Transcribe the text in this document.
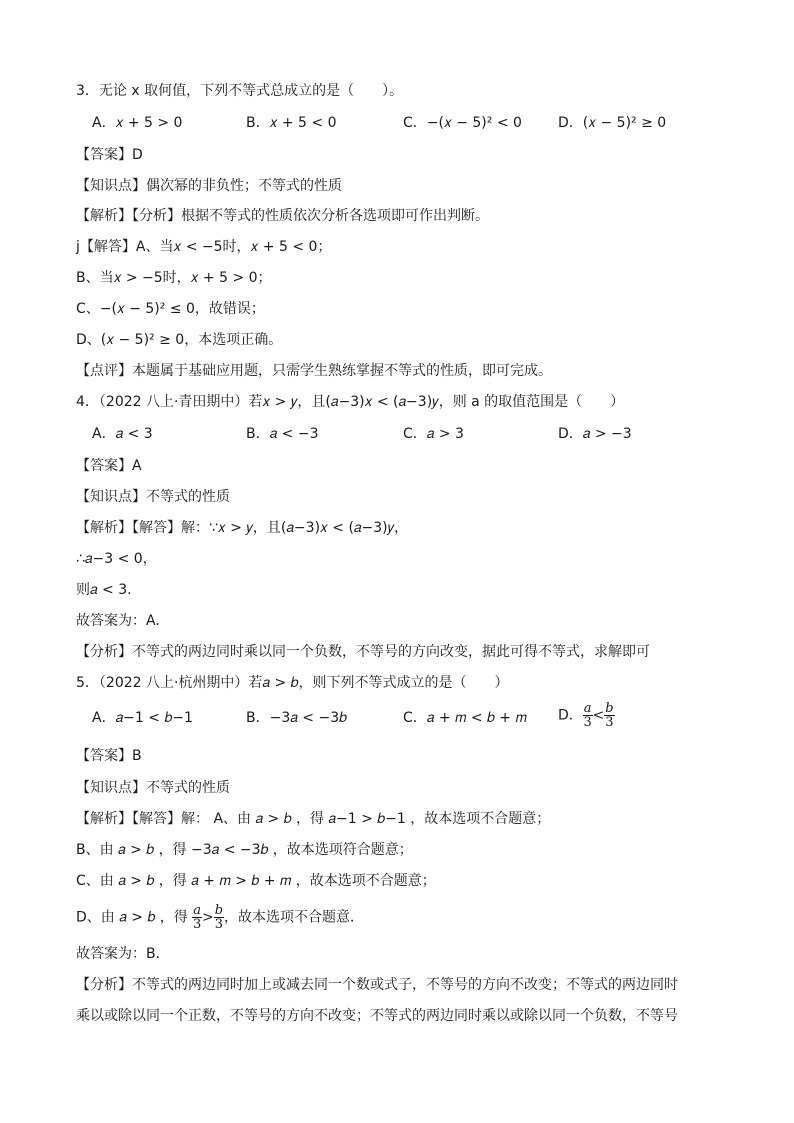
3．无论 x 取何值，下列不等式总成立的是（　　）。
A．𝑥 + 5 > 0	B．𝑥 + 5 < 0	C．−(𝑥 − 5)² < 0	D．(𝑥 − 5)² ≥ 0
【答案】D
【知识点】偶次幂的非负性；不等式的性质
【解析】【分析】根据不等式的性质依次分析各选项即可作出判断。
j【解答】A、当𝑥 < −5时，𝑥 + 5 < 0；
B、当𝑥 > −5时，𝑥 + 5 > 0；
C、−(𝑥 − 5)² ≤ 0，故错误；
D、(𝑥 − 5)² ≥ 0，本选项正确。
【点评】本题属于基础应用题，只需学生熟练掌握不等式的性质，即可完成。
4．（2022 八上·青田期中）若𝑥 > 𝑦，且(𝑎−3)𝑥 < (𝑎−3)𝑦，则 a 的取值范围是（　　）
A．𝑎 < 3	B．𝑎 < −3	C．𝑎 > 3	D．𝑎 > −3
【答案】A
【知识点】不等式的性质
【解析】【解答】解：∵𝑥 > 𝑦，且(𝑎−3)𝑥 < (𝑎−3)𝑦，
∴𝑎−3 < 0，
则𝑎 < 3.
故答案为：A.
【分析】不等式的两边同时乘以同一个负数，不等号的方向改变，据此可得不等式，求解即可
5．（2022 八上·杭州期中）若𝑎 > 𝑏，则下列不等式成立的是（　　）
A．𝑎−1 < 𝑏−1	B．−3𝑎 < −3𝑏	C．𝑎 + 𝑚 < 𝑏 + 𝑚 D． $\frac{a}{3} < \frac{b}{3}$
【答案】B
【知识点】不等式的性质
【解析】【解答】解： A、由 𝑎 > 𝑏 ，得 𝑎−1 > 𝑏−1 ，故本选项不合题意；
B、由 𝑎 > 𝑏 ，得 −3𝑎 < −3𝑏 ，故本选项符合题意；
C、由 𝑎 > 𝑏 ，得 𝑎 + 𝑚 > 𝑏 + 𝑚 ，故本选项不合题意；
D、由 𝑎 > 𝑏 ，得 $\frac{a}{3} > \frac{b}{3}$ ，故本选项不合题意．
故答案为：B．
【分析】不等式的两边同时加上或减去同一个数或式子，不等号的方向不改变；不等式的两边同时
乘以或除以同一个正数，不等号的方向不改变；不等式的两边同时乘以或除以同一个负数，不等号
